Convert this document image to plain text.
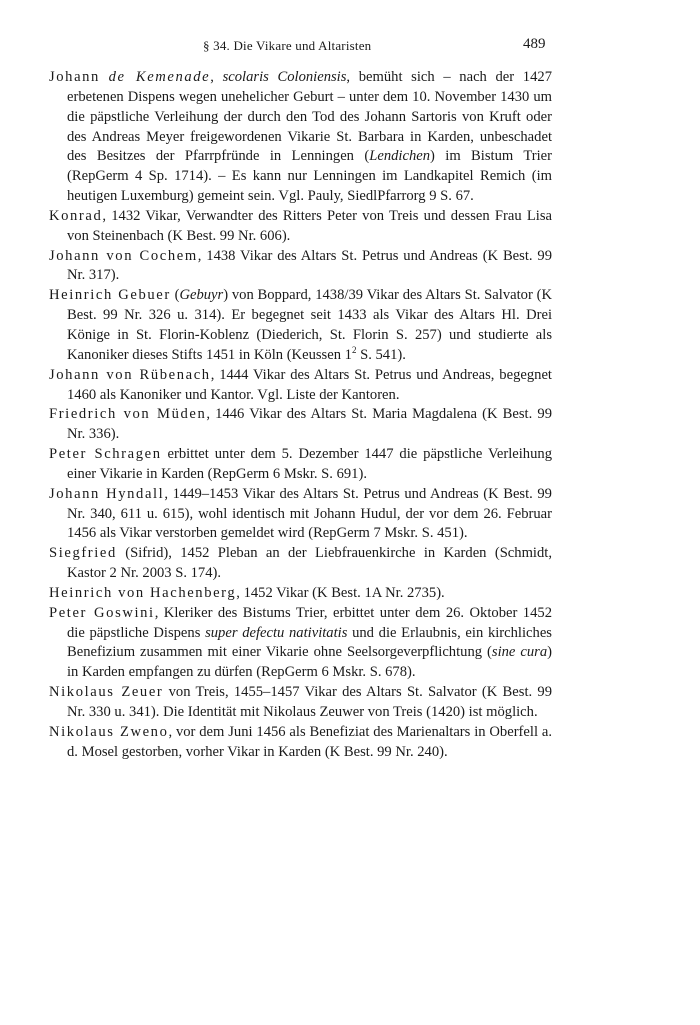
§ 34. Die Vikare und Altaristen	489

Johann de Kemenade, scolaris Coloniensis, bemüht sich – nach der 1427 erbetenen Dispens wegen unehelicher Geburt – unter dem 10. November 1430 um die päpstliche Verleihung der durch den Tod des Johann Sartoris von Kruft oder des Andreas Meyer freigewordenen Vikarie St. Barbara in Karden, unbeschadet des Besitzes der Pfarrpfründe in Lenningen (Lendichen) im Bistum Trier (RepGerm 4 Sp. 1714). – Es kann nur Lenningen im Landkapitel Remich (im heutigen Luxemburg) gemeint sein. Vgl. Pauly, SiedlPfarrorg 9 S. 67.

Konrad, 1432 Vikar, Verwandter des Ritters Peter von Treis und dessen Frau Lisa von Steinenbach (K Best. 99 Nr. 606).

Johann von Cochem, 1438 Vikar des Altars St. Petrus und Andreas (K Best. 99 Nr. 317).

Heinrich Gebuer (Gebuyr) von Boppard, 1438/39 Vikar des Altars St. Salvator (K Best. 99 Nr. 326 u. 314). Er begegnet seit 1433 als Vikar des Altars Hl. Drei Könige in St. Florin-Koblenz (Diederich, St. Florin S. 257) und studierte als Kanoniker dieses Stifts 1451 in Köln (Keussen $1^2$ S. 541).

Johann von Rübenach, 1444 Vikar des Altars St. Petrus und Andreas, begegnet 1460 als Kanoniker und Kantor. Vgl. Liste der Kantoren.

Friedrich von Müden, 1446 Vikar des Altars St. Maria Magdalena (K Best. 99 Nr. 336).

Peter Schragen erbittet unter dem 5. Dezember 1447 die päpstliche Verleihung einer Vikarie in Karden (RepGerm 6 Mskr. S. 691).

Johann Hyndall, 1449–1453 Vikar des Altars St. Petrus und Andreas (K Best. 99 Nr. 340, 611 u. 615), wohl identisch mit Johann Hudul, der vor dem 26. Februar 1456 als Vikar verstorben gemeldet wird (RepGerm 7 Mskr. S. 451).

Siegfried (Sifrid), 1452 Pleban an der Liebfrauenkirche in Karden (Schmidt, Kastor 2 Nr. 2003 S. 174).

Heinrich von Hachenberg, 1452 Vikar (K Best. 1A Nr. 2735).

Peter Goswini, Kleriker des Bistums Trier, erbittet unter dem 26. Oktober 1452 die päpstliche Dispens super defectu nativitatis und die Erlaubnis, ein kirchliches Benefizium zusammen mit einer Vikarie ohne Seelsorgeverpflichtung (sine cura) in Karden empfangen zu dürfen (RepGerm 6 Mskr. S. 678).

Nikolaus Zeuer von Treis, 1455–1457 Vikar des Altars St. Salvator (K Best. 99 Nr. 330 u. 341). Die Identität mit Nikolaus Zeuwer von Treis (1420) ist möglich.

Nikolaus Zweno, vor dem Juni 1456 als Benefiziat des Marienaltars in Oberfell a. d. Mosel gestorben, vorher Vikar in Karden (K Best. 99 Nr. 240).
